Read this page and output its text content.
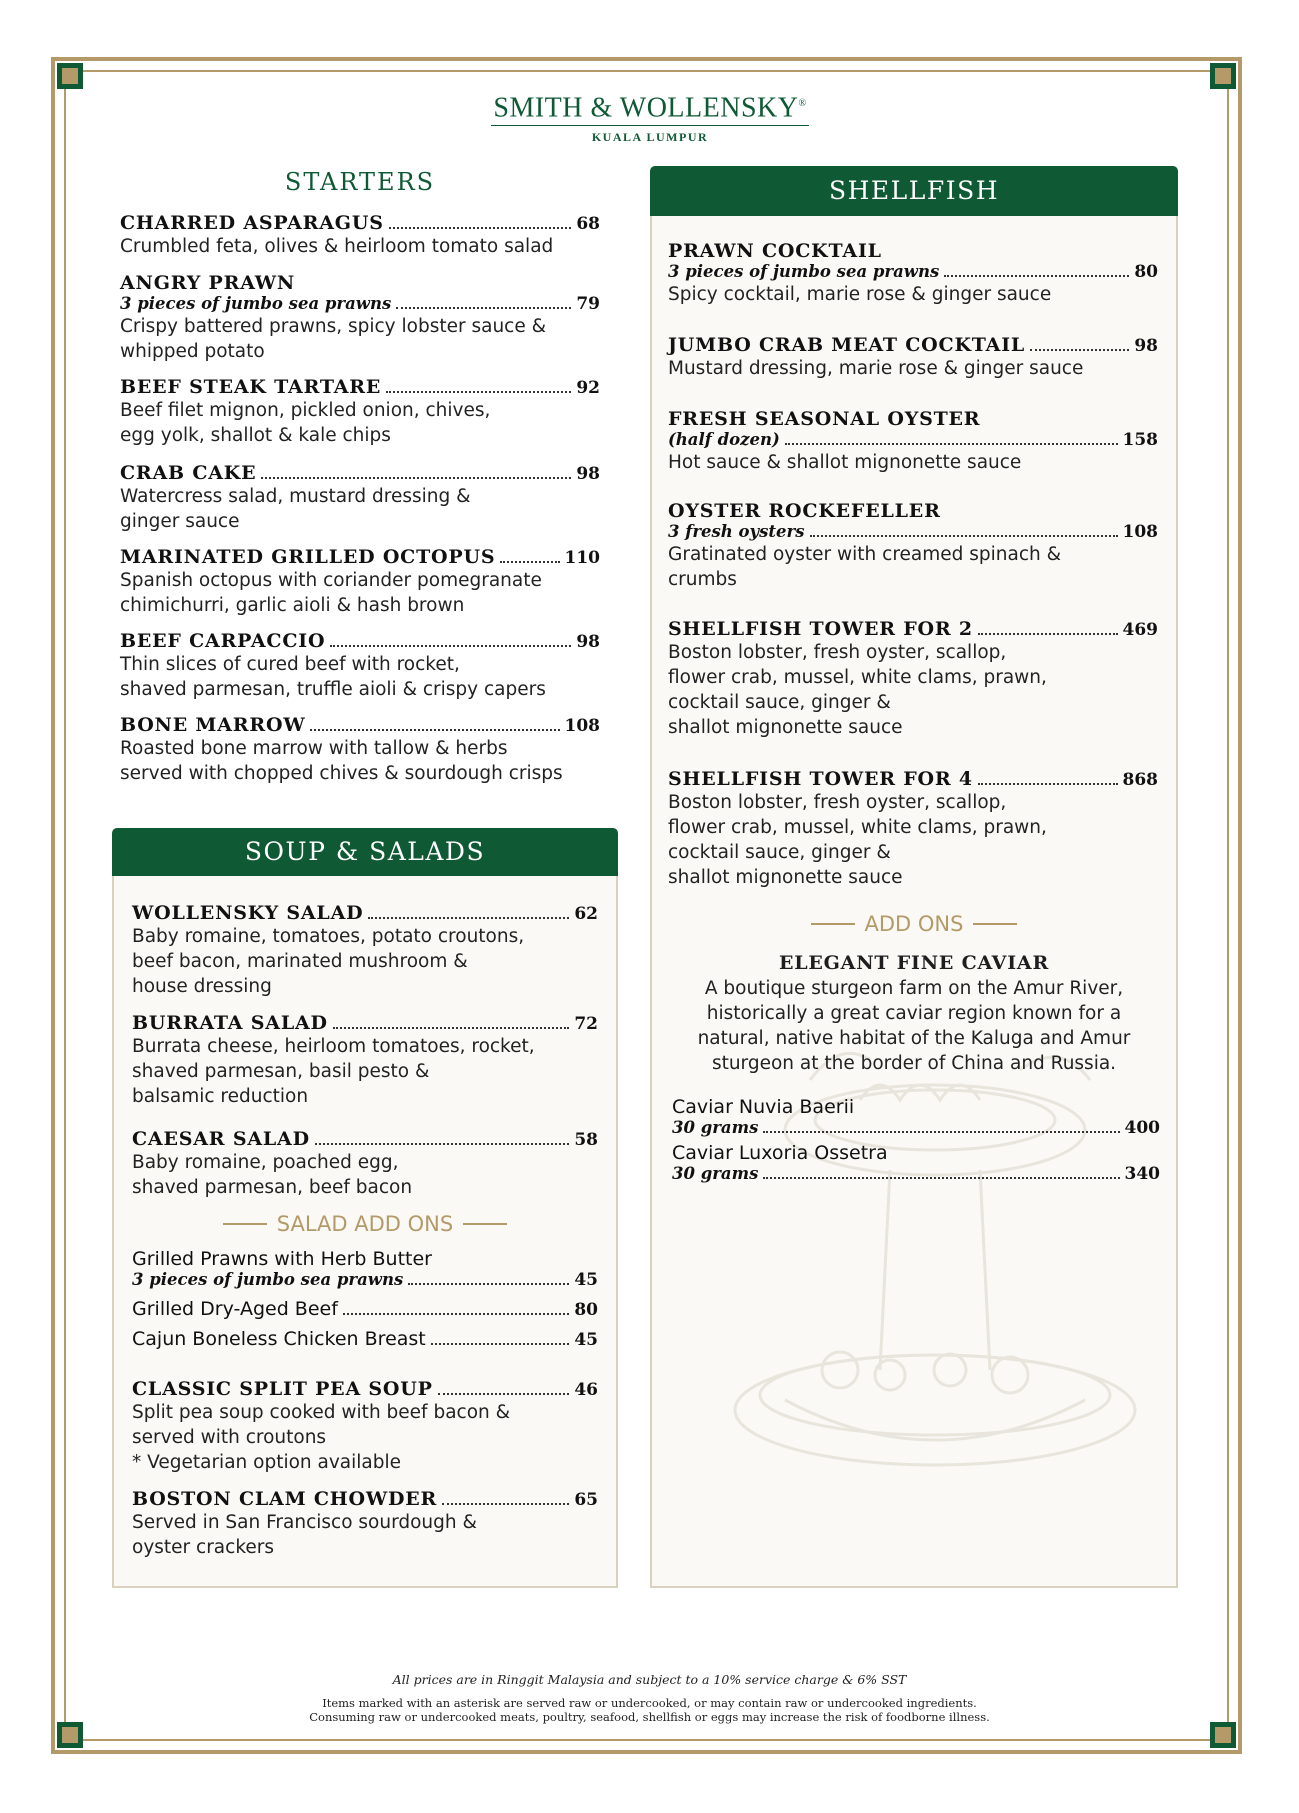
SMITH & WOLLENSKY®
KUALA LUMPUR
STARTERS
CHARRED ASPARAGUS	68
Crumbled feta, olives & heirloom tomato salad
ANGRY PRAWN
3 pieces of jumbo sea prawns	79
Crispy battered prawns, spicy lobster sauce &
whipped potato
BEEF STEAK TARTARE	92
Beef filet mignon, pickled onion, chives,
egg yolk, shallot & kale chips
CRAB CAKE	98
Watercress salad, mustard dressing &
ginger sauce
MARINATED GRILLED OCTOPUS	110
Spanish octopus with coriander pomegranate
chimichurri, garlic aioli & hash brown
BEEF CARPACCIO	98
Thin slices of cured beef with rocket,
shaved parmesan, truffle aioli & crispy capers
BONE MARROW	108
Roasted bone marrow with tallow & herbs
served with chopped chives & sourdough crisps
SOUP & SALADS
WOLLENSKY SALAD	62
Baby romaine, tomatoes, potato croutons,
beef bacon, marinated mushroom &
house dressing
BURRATA SALAD	72
Burrata cheese, heirloom tomatoes, rocket,
shaved parmesan, basil pesto &
balsamic reduction
CAESAR SALAD	58
Baby romaine, poached egg,
shaved parmesan, beef bacon
SALAD ADD ONS
Grilled Prawns with Herb Butter
3 pieces of jumbo sea prawns	45
Grilled Dry-Aged Beef	80
Cajun Boneless Chicken Breast	45
CLASSIC SPLIT PEA SOUP	46
Split pea soup cooked with beef bacon &
served with croutons
* Vegetarian option available
BOSTON CLAM CHOWDER	65
Served in San Francisco sourdough &
oyster crackers
SHELLFISH
PRAWN COCKTAIL
3 pieces of jumbo sea prawns	80
Spicy cocktail, marie rose & ginger sauce
JUMBO CRAB MEAT COCKTAIL	98
Mustard dressing, marie rose & ginger sauce
FRESH SEASONAL OYSTER
(half dozen)	158
Hot sauce & shallot mignonette sauce
OYSTER ROCKEFELLER
3 fresh oysters	108
Gratinated oyster with creamed spinach &
crumbs
SHELLFISH TOWER FOR 2	469
Boston lobster, fresh oyster, scallop,
flower crab, mussel, white clams, prawn,
cocktail sauce, ginger &
shallot mignonette sauce
SHELLFISH TOWER FOR 4	868
Boston lobster, fresh oyster, scallop,
flower crab, mussel, white clams, prawn,
cocktail sauce, ginger &
shallot mignonette sauce
ADD ONS
ELEGANT FINE CAVIAR
A boutique sturgeon farm on the Amur River,
historically a great caviar region known for a
natural, native habitat of the Kaluga and Amur
sturgeon at the border of China and Russia.
Caviar Nuvia Baerii
30 grams	400
Caviar Luxoria Ossetra
30 grams	340
All prices are in Ringgit Malaysia and subject to a 10% service charge & 6% SST
Items marked with an asterisk are served raw or undercooked, or may contain raw or undercooked ingredients.
Consuming raw or undercooked meats, poultry, seafood, shellfish or eggs may increase the risk of foodborne illness.
